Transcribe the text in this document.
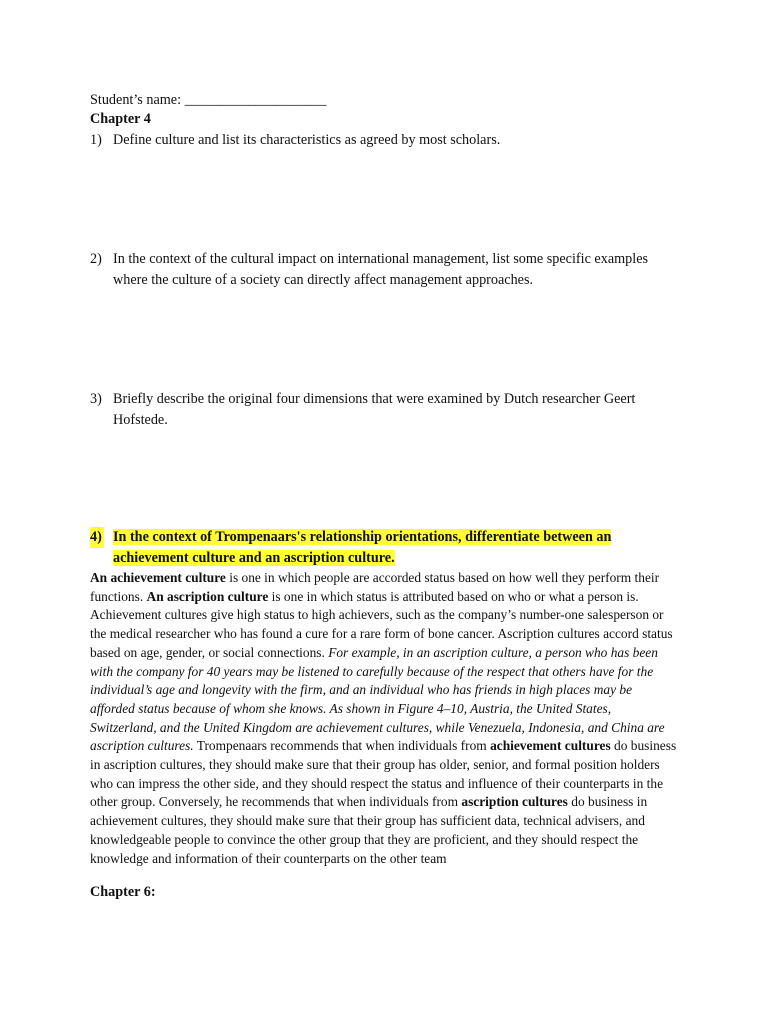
Student’s name: ____________________
Chapter 4
1) Define culture and list its characteristics as agreed by most scholars.
2) In the context of the cultural impact on international management, list some specific examples where the culture of a society can directly affect management approaches.
3) Briefly describe the original four dimensions that were examined by Dutch researcher Geert Hofstede.
4) In the context of Trompenaars's relationship orientations, differentiate between an achievement culture and an ascription culture.
An achievement culture is one in which people are accorded status based on how well they perform their functions. An ascription culture is one in which status is attributed based on who or what a person is. Achievement cultures give high status to high achievers, such as the company’s number-one salesperson or the medical researcher who has found a cure for a rare form of bone cancer. Ascription cultures accord status based on age, gender, or social connections. For example, in an ascription culture, a person who has been with the company for 40 years may be listened to carefully because of the respect that others have for the individual’s age and longevity with the firm, and an individual who has friends in high places may be afforded status because of whom she knows. As shown in Figure 4–10, Austria, the United States, Switzerland, and the United Kingdom are achievement cultures, while Venezuela, Indonesia, and China are ascription cultures. Trompenaars recommends that when individuals from achievement cultures do business in ascription cultures, they should make sure that their group has older, senior, and formal position holders who can impress the other side, and they should respect the status and influence of their counterparts in the other group. Conversely, he recommends that when individuals from ascription cultures do business in achievement cultures, they should make sure that their group has sufficient data, technical advisers, and knowledgeable people to convince the other group that they are proficient, and they should respect the knowledge and information of their counterparts on the other team
Chapter 6:
